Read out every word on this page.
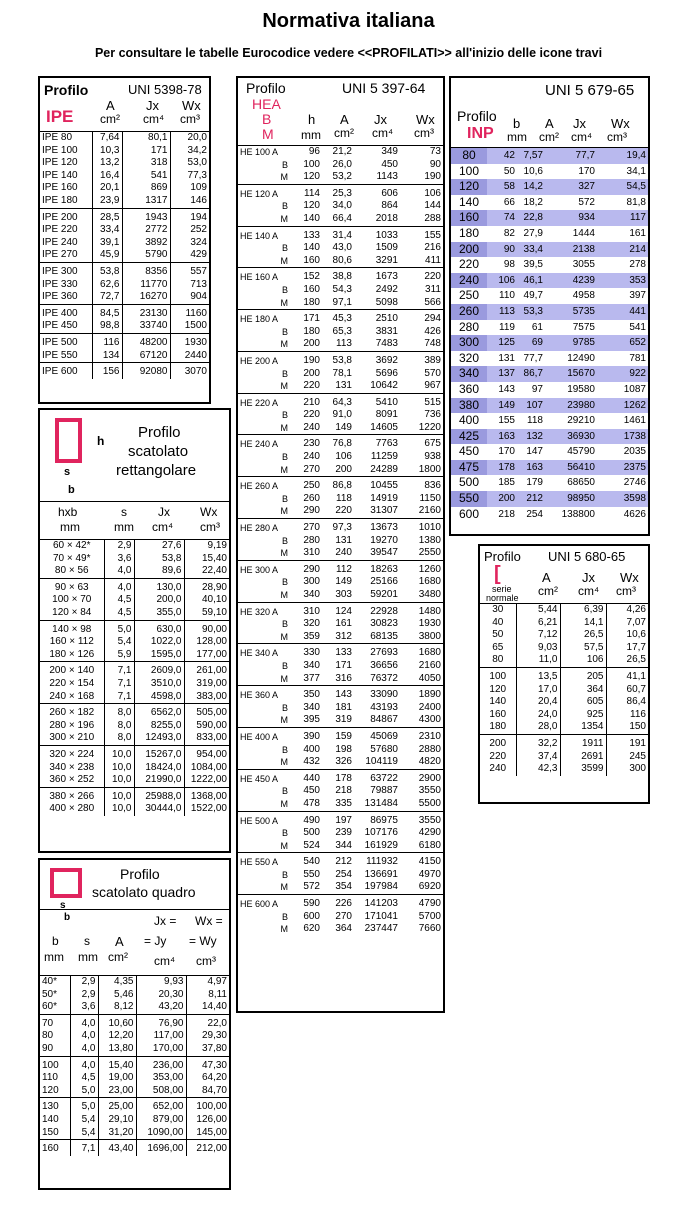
Normativa italiana
Per consultare le tabelle Eurocodice vedere <<PROFILATI>> all'inizio delle icone travi
Profilo	UNI 5398-78
IPE
A
cm²
Jx
cm⁴
Wx
cm³
IPE 80	7,64	80,1	20,0
IPE 100	10,3	171	34,2
IPE 120	13,2	318	53,0
IPE 140	16,4	541	77,3
IPE 160	20,1	869	109
IPE 180	23,9	1317	146
IPE 200	28,5	1943	194
IPE 220	33,4	2772	252
IPE 240	39,1	3892	324
IPE 270	45,9	5790	429
IPE 300	53,8	8356	557
IPE 330	62,6	11770	713
IPE 360	72,7	16270	904
IPE 400	84,5	23130	1160
IPE 450	98,8	33740	1500
IPE 500	116	48200	1930
IPE 550	134	67120	2440
IPE 600	156	92080	3070
h
s
b
Profilo
scatolato
rettangolare
hxb
mm
s
mm
Jx
cm⁴
Wx
cm³
60 × 42*	2,9	27,6	9,19
70 × 49*	3,6	53,8	15,40
80 × 56	4,0	89,6	22,40
90 × 63	4,0	130,0	28,90
100 × 70	4,5	200,0	40,10
120 × 84	4,5	355,0	59,10
140 × 98	5,0	630,0	90,00
160 × 112	5,4	1022,0	128,00
180 × 126	5,9	1595,0	177,00
200 × 140	7,1	2609,0	261,00
220 × 154	7,1	3510,0	319,00
240 × 168	7,1	4598,0	383,00
260 × 182	8,0	6562,0	505,00
280 × 196	8,0	8255,0	590,00
300 × 210	8,0	12493,0	833,00
320 × 224	10,0	15267,0	954,00
340 × 238	10,0	18424,0	1084,00
360 × 252	10,0	21990,0	1222,00
380 × 266	10,0	25988,0	1368,00
400 × 280	10,0	30444,0	1522,00
s
Profilo
scatolato quadro
b
b
mm
s
mm
A
cm²
Jx =
= Jy
cm⁴
Wx =
= Wy
cm³
40*	2,9	4,35	9,93	4,97
50*	2,9	5,46	20,30	8,11
60*	3,6	8,12	43,20	14,40
70	4,0	10,60	76,90	22,0
80	4,0	12,20	117,00	29,30
90	4,0	13,80	170,00	37,80
100	4,0	15,40	236,00	47,30
110	4,5	19,00	353,00	64,20
120	5,0	23,00	508,00	84,70
130	5,0	25,00	652,00	100,00
140	5,4	29,10	879,00	126,00
150	5,4	31,20	1090,00	145,00
160	7,1	43,40	1696,00	212,00
Profilo	UNI 5 397-64
HEA
B
M
h
mm
A
cm²
Jx
cm⁴
Wx
cm³
HE 100 A	96	21,2	349	73
B	100	26,0	450	90
M	120	53,2	1143	190
HE 120 A	114	25,3	606	106
B	120	34,0	864	144
M	140	66,4	2018	288
HE 140 A	133	31,4	1033	155
B	140	43,0	1509	216
M	160	80,6	3291	411
HE 160 A	152	38,8	1673	220
B	160	54,3	2492	311
M	180	97,1	5098	566
HE 180 A	171	45,3	2510	294
B	180	65,3	3831	426
M	200	113	7483	748
HE 200 A	190	53,8	3692	389
B	200	78,1	5696	570
M	220	131	10642	967
HE 220 A	210	64,3	5410	515
B	220	91,0	8091	736
M	240	149	14605	1220
HE 240 A	230	76,8	7763	675
B	240	106	11259	938
M	270	200	24289	1800
HE 260 A	250	86,8	10455	836
B	260	118	14919	1150
M	290	220	31307	2160
HE 280 A	270	97,3	13673	1010
B	280	131	19270	1380
M	310	240	39547	2550
HE 300 A	290	112	18263	1260
B	300	149	25166	1680
M	340	303	59201	3480
HE 320 A	310	124	22928	1480
B	320	161	30823	1930
M	359	312	68135	3800
HE 340 A	330	133	27693	1680
B	340	171	36656	2160
M	377	316	76372	4050
HE 360 A	350	143	33090	1890
B	340	181	43193	2400
M	395	319	84867	4300
HE 400 A	390	159	45069	2310
B	400	198	57680	2880
M	432	326	104119	4820
HE 450 A	440	178	63722	2900
B	450	218	79887	3550
M	478	335	131484	5500
HE 500 A	490	197	86975	3550
B	500	239	107176	4290
M	524	344	161929	6180
HE 550 A	540	212	111932	4150
B	550	254	136691	4970
M	572	354	197984	6920
HE 600 A	590	226	141203	4790
B	600	270	171041	5700
M	620	364	237447	7660
UNI 5 679-65
Profilo
INP
b
mm
A
cm²
Jx
cm⁴
Wx
cm³
80	42	7,57	77,7	19,4
100	50	10,6	170	34,1
120	58	14,2	327	54,5
140	66	18,2	572	81,8
160	74	22,8	934	117
180	82	27,9	1444	161
200	90	33,4	2138	214
220	98	39,5	3055	278
240	106	46,1	4239	353
250	110	49,7	4958	397
260	113	53,3	5735	441
280	119	61	7575	541
300	125	69	9785	652
320	131	77,7	12490	781
340	137	86,7	15670	922
360	143	97	19580	1087
380	149	107	23980	1262
400	155	118	29210	1461
425	163	132	36930	1738
450	170	147	45790	2035
475	178	163	56410	2375
500	185	179	68650	2746
550	200	212	98950	3598
600	218	254	138800	4626
Profilo UNI 5 680-65
[
serie
normale
A
cm²
Jx
cm⁴
Wx
cm³
30	5,44	6,39	4,26
40	6,21	14,1	7,07
50	7,12	26,5	10,6
65	9,03	57,5	17,7
80	11,0	106	26,5
100	13,5	205	41,1
120	17,0	364	60,7
140	20,4	605	86,4
160	24,0	925	116
180	28,0	1354	150
200	32,2	1911	191
220	37,4	2691	245
240	42,3	3599	300
